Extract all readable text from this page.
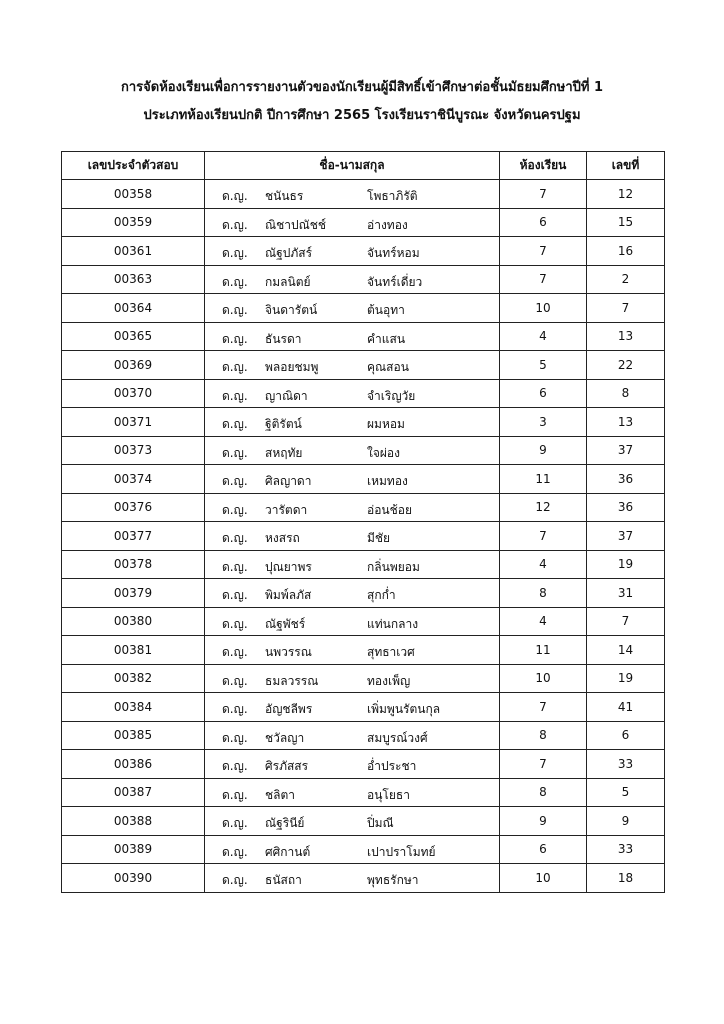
การจัดห้องเรียนเพื่อการรายงานตัวของนักเรียนผู้มีสิทธิ์เข้าศึกษาต่อชั้นมัธยมศึกษาปีที่ 1
ประเภทห้องเรียนปกติ ปีการศึกษา 2565 โรงเรียนราชินีบูรณะ จังหวัดนครปฐม
เลขประจำตัวสอบ	ชื่อ-นามสกุล	ห้องเรียน	เลขที่
00358	ด.ญ. ชนันธร โพธาภิรัติ	7	12
00359	ด.ญ. ณิชาปณัชช์ อ่างทอง	6	15
00361	ด.ญ. ณัฐปภัสร์ จันทร์หอม	7	16
00363	ด.ญ. กมลนิตย์ จันทร์เดี่ยว	7	2
00364	ด.ญ. จินดารัตน์ ต้นอุทา	10	7
00365	ด.ญ. ธันรดา คำแสน	4	13
00369	ด.ญ. พลอยชมพู คุณสอน	5	22
00370	ด.ญ. ญาณิดา จำเริญวัย	6	8
00371	ด.ญ. ฐิติรัตน์ ผมหอม	3	13
00373	ด.ญ. สหฤทัย ใจผ่อง	9	37
00374	ด.ญ. ศิลญาดา เหมทอง	11	36
00376	ด.ญ. วารัตดา อ่อนช้อย	12	36
00377	ด.ญ. หงสรถ มีชัย	7	37
00378	ด.ญ. ปุณยาพร กลิ่นพยอม	4	19
00379	ด.ญ. พิมพ์ลภัส สุกก่ำ	8	31
00380	ด.ญ. ณัฐพัชร์ แท่นกลาง	4	7
00381	ด.ญ. นพวรรณ สุทธาเวศ	11	14
00382	ด.ญ. ธมลวรรณ ทองเพ็ญ	10	19
00384	ด.ญ. อัญชลีพร เพิ่มพูนรัตนกุล	7	41
00385	ด.ญ. ชวัลญา สมบูรณ์วงศ์	8	6
00386	ด.ญ. ศิรภัสสร อ่ำประชา	7	33
00387	ด.ญ. ชลิตา อนุโยธา	8	5
00388	ด.ญ. ณัฐรินีย์ ปิ่มณี	9	9
00389	ด.ญ. ศศิกานต์ เปาปราโมทย์	6	33
00390	ด.ญ. ธนัสถา พุทธรักษา	10	18
